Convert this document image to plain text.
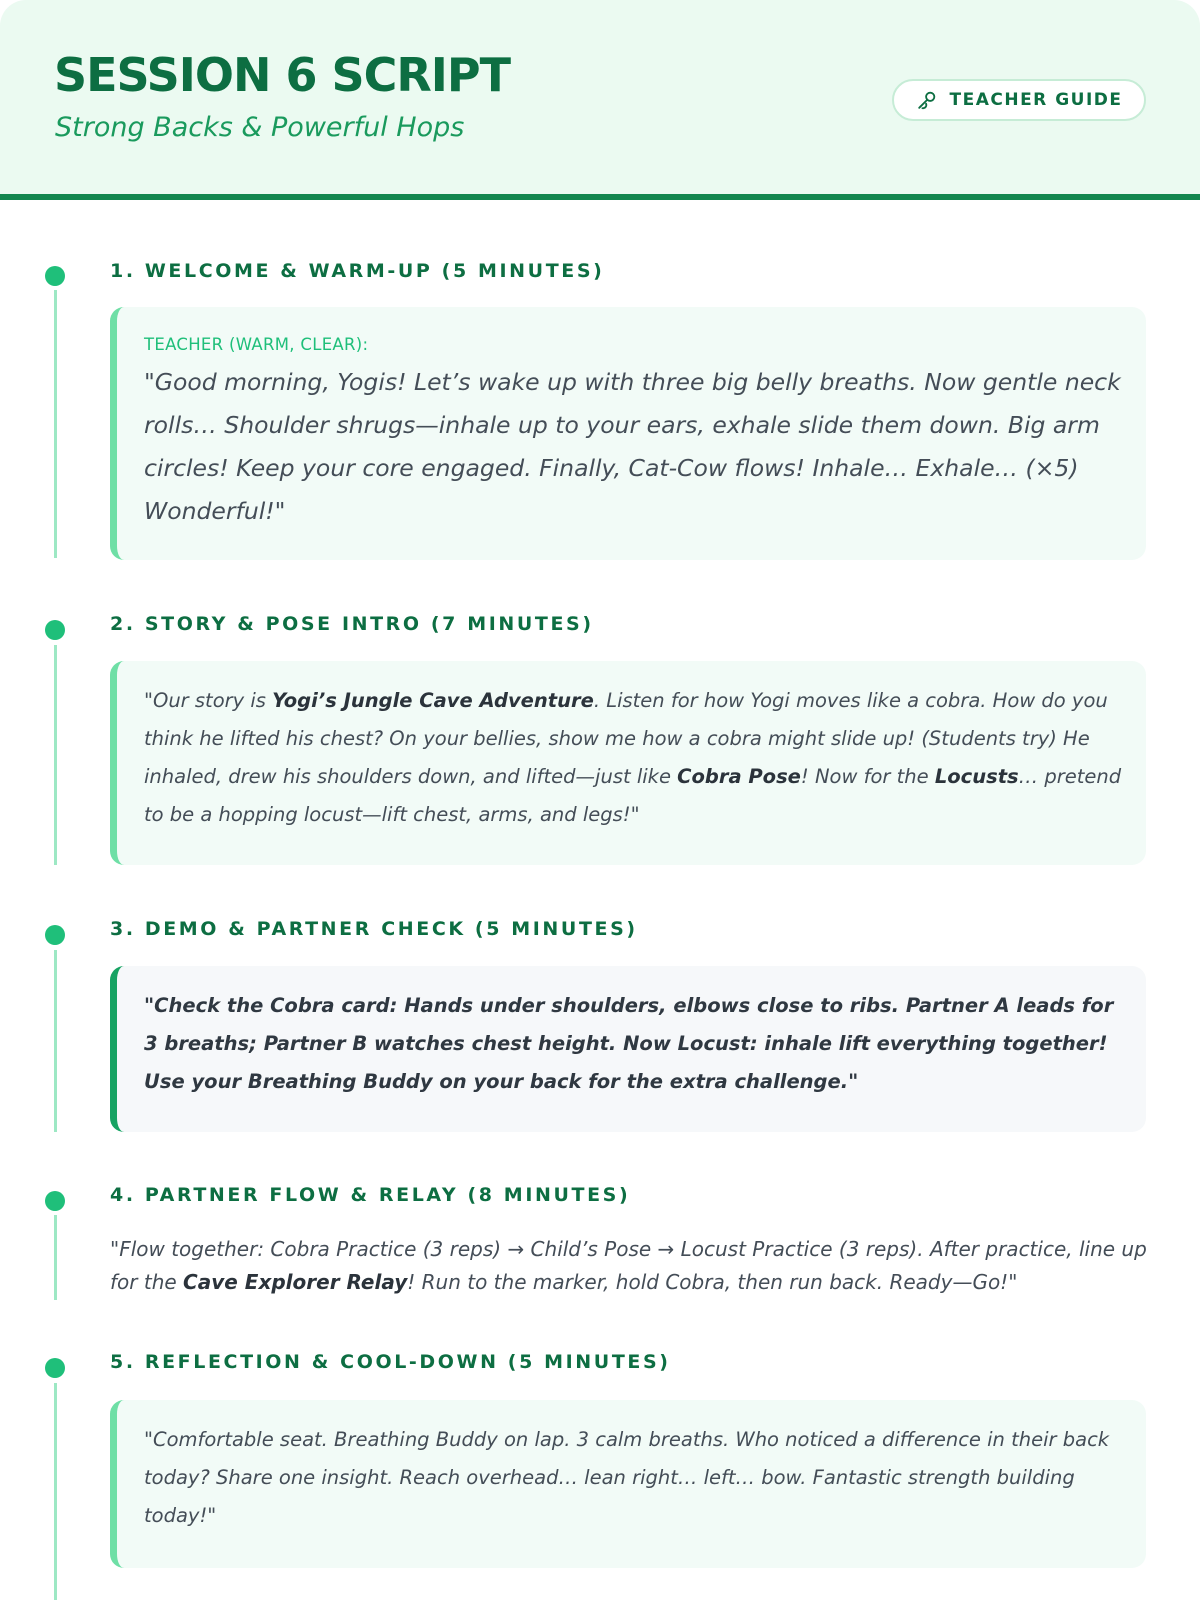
SESSION 6 SCRIPT
Strong Backs & Powerful Hops
TEACHER GUIDE
1. WELCOME & WARM-UP (5 MINUTES)
TEACHER (WARM, CLEAR):
"Good morning, Yogis! Let’s wake up with three big belly breaths. Now gentle neck rolls… Shoulder shrugs—inhale up to your ears, exhale slide them down. Big arm circles! Keep your core engaged. Finally, Cat-Cow flows! Inhale… Exhale… (×5) Wonderful!"
2. STORY & POSE INTRO (7 MINUTES)
"Our story is Yogi’s Jungle Cave Adventure. Listen for how Yogi moves like a cobra. How do you think he lifted his chest? On your bellies, show me how a cobra might slide up! (Students try) He inhaled, drew his shoulders down, and lifted—just like Cobra Pose! Now for the Locusts… pretend to be a hopping locust—lift chest, arms, and legs!"
3. DEMO & PARTNER CHECK (5 MINUTES)
"Check the Cobra card: Hands under shoulders, elbows close to ribs. Partner A leads for 3 breaths; Partner B watches chest height. Now Locust: inhale lift everything together! Use your Breathing Buddy on your back for the extra challenge."
4. PARTNER FLOW & RELAY (8 MINUTES)
"Flow together: Cobra Practice (3 reps) → Child’s Pose → Locust Practice (3 reps). After practice, line up for the Cave Explorer Relay! Run to the marker, hold Cobra, then run back. Ready—Go!"
5. REFLECTION & COOL-DOWN (5 MINUTES)
"Comfortable seat. Breathing Buddy on lap. 3 calm breaths. Who noticed a difference in their back today? Share one insight. Reach overhead… lean right… left… bow. Fantastic strength building today!"
